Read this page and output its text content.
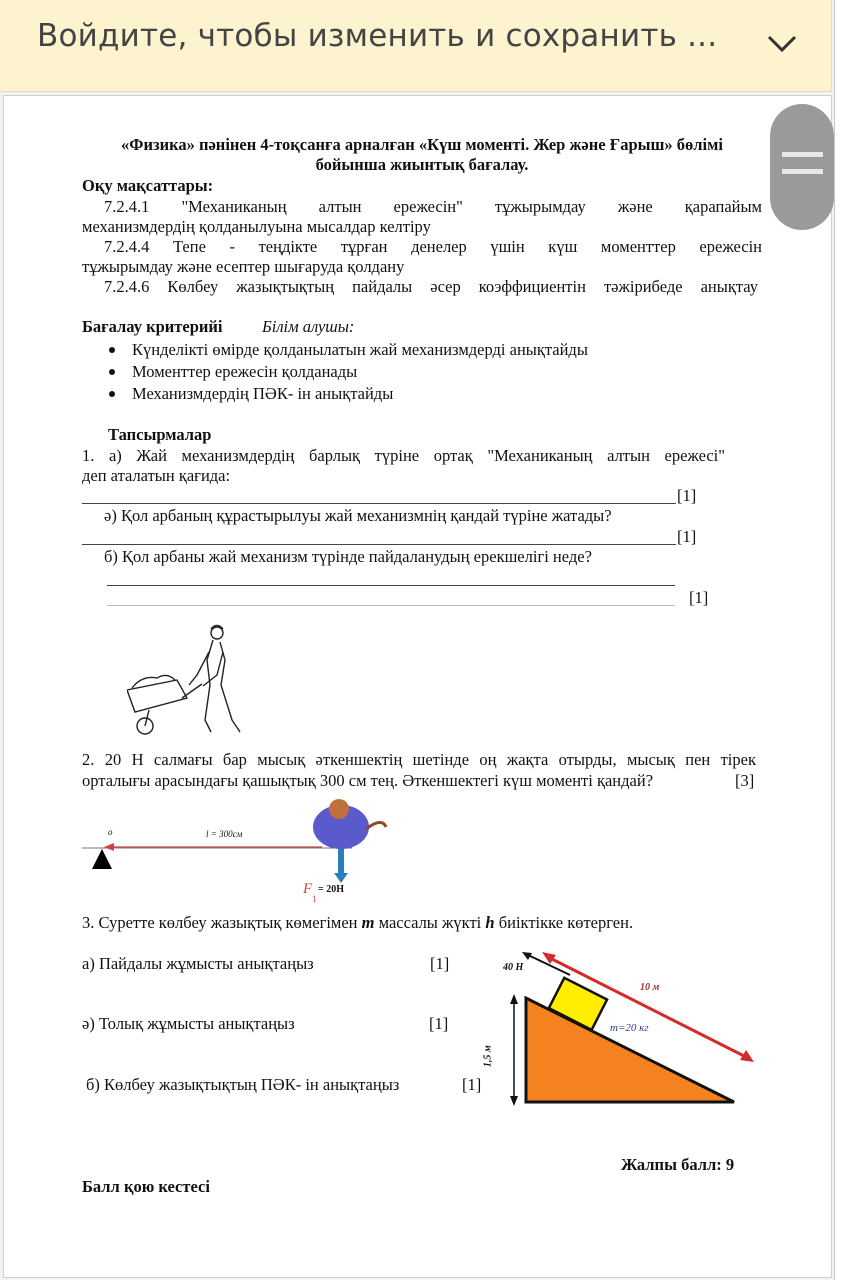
Войдите, чтобы изменить и сохранить ...
«Физика» пәнінен 4-тоқсанға арналған «Күш моменті. Жер және Ғарыш» бөлімі
бойынша жиынтық бағалау.
Оқу мақсаттары:
7.2.4.1 "Механиканың алтын ережесін" тұжырымдау және қарапайым
механизмдердің қолданылуына мысалдар келтіру
7.2.4.4 Тепе - теңдікте тұрған денелер үшін күш моменттер ережесін
тұжырымдау және есептер шығаруда қолдану
7.2.4.6 Көлбеу жазықтықтың пайдалы әсер коэффициентін тәжірибеде анықтау
Бағалау критерийі Білім алушы:
Күнделікті өмірде қолданылатын жай механизмдерді анықтайды
Моменттер ережесін қолданады
Механизмдердің ПӘК- ін анықтайды
Тапсырмалар
1. а) Жай механизмдердің барлық түріне ортақ "Механиканың алтын ережесі"
деп аталатын қағида:
[1]
ә) Қол арбаның құрастырылуы жай механизмнің қандай түріне жатады?
[1]
б) Қол арбаны жай механизм түрінде пайдаланудың ерекшелігі неде?
[1]
2. 20 Н салмағы бар мысық әткеншектің шетінде оң жақта отырды, мысық пен тірек
орталығы арасындағы қашықтық 300 см тең. Әткеншектегі күш моменті қандай?	[3]
o	l = 300см
F
1
= 20Н
3. Суретте көлбеу жазықтық көмегімен m массалы жүкті h биіктікке көтерген.
а) Пайдалы жұмысты анықтаңыз	[1]
ә) Толық жұмысты анықтаңыз	[1]
б) Көлбеу жазықтықтың ПӘК- ін анықтаңыз	[1]
40 Н
10 м
m=20 кг
1,5 м
Жалпы балл: 9
Балл қою кестесі
